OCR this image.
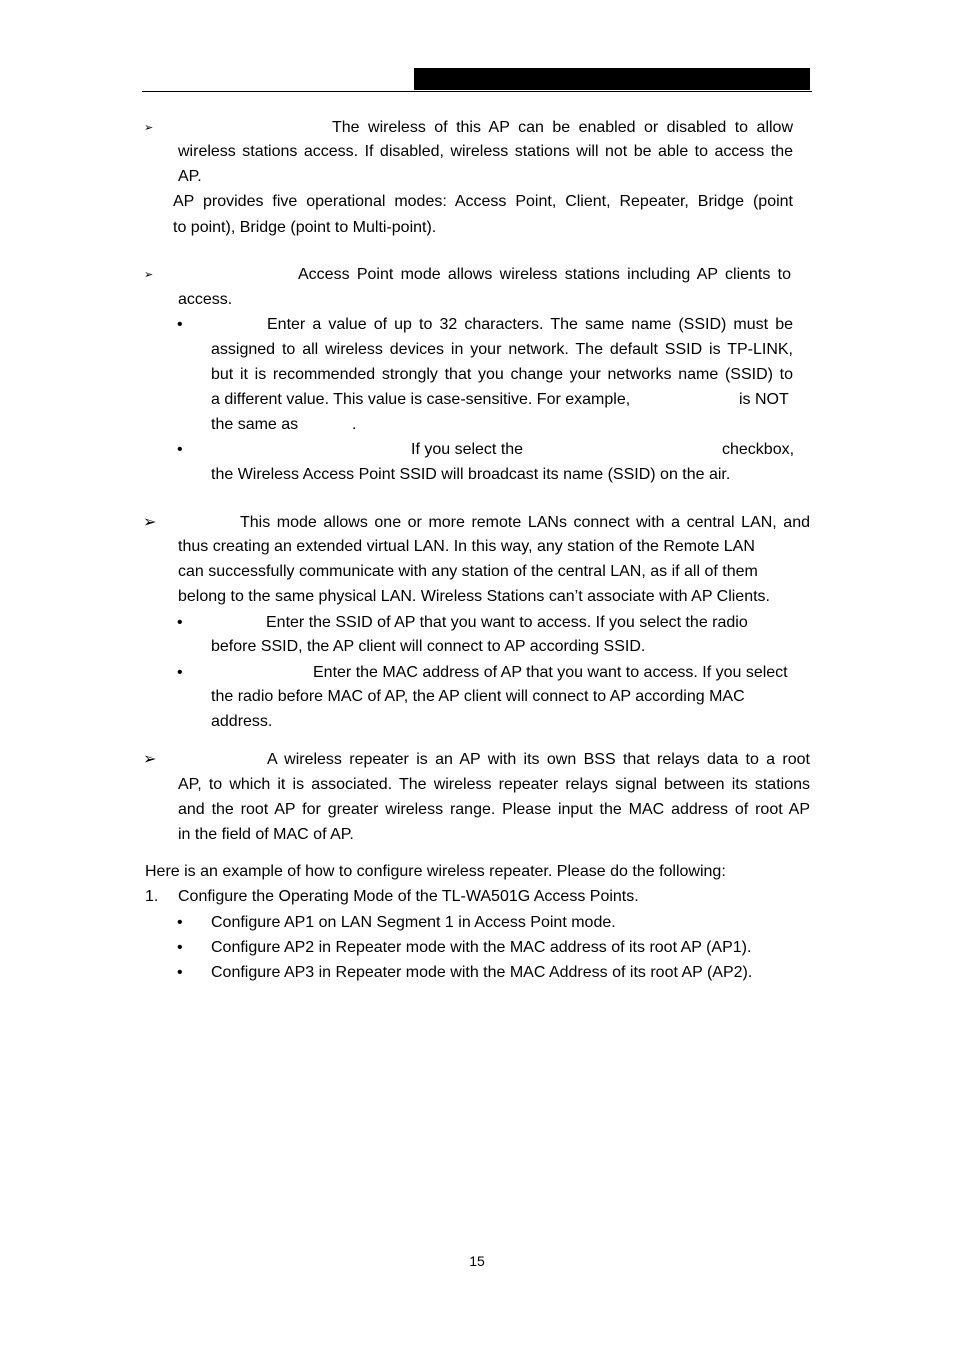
➢	The wireless of this AP can be enabled or disabled to allow
wireless stations access. If disabled, wireless stations will not be able to access the
AP.
AP provides five operational modes: Access Point, Client, Repeater, Bridge (point
to point), Bridge (point to Multi-point).
➢	Access Point mode allows wireless stations including AP clients to
access.
•	Enter a value of up to 32 characters. The same name (SSID) must be
assigned to all wireless devices in your network. The default SSID is TP-LINK,
but it is recommended strongly that you change your networks name (SSID) to
a different value. This value is case-sensitive. For example,	is NOT
the same as	.
•	If you select the	checkbox,
the Wireless Access Point SSID will broadcast its name (SSID) on the air.
➢	This mode allows one or more remote LANs connect with a central LAN, and
thus creating an extended virtual LAN. In this way, any station of the Remote LAN
can successfully communicate with any station of the central LAN, as if all of them
belong to the same physical LAN. Wireless Stations can’t associate with AP Clients.
•	Enter the SSID of AP that you want to access. If you select the radio
before SSID, the AP client will connect to AP according SSID.
•	Enter the MAC address of AP that you want to access. If you select
the radio before MAC of AP, the AP client will connect to AP according MAC
address.
➢	A wireless repeater is an AP with its own BSS that relays data to a root
AP, to which it is associated. The wireless repeater relays signal between its stations
and the root AP for greater wireless range. Please input the MAC address of root AP
in the field of MAC of AP.
Here is an example of how to configure wireless repeater. Please do the following:
1. Configure the Operating Mode of the TL-WA501G Access Points.
• Configure AP1 on LAN Segment 1 in Access Point mode.
• Configure AP2 in Repeater mode with the MAC address of its root AP (AP1).
• Configure AP3 in Repeater mode with the MAC Address of its root AP (AP2).
15
